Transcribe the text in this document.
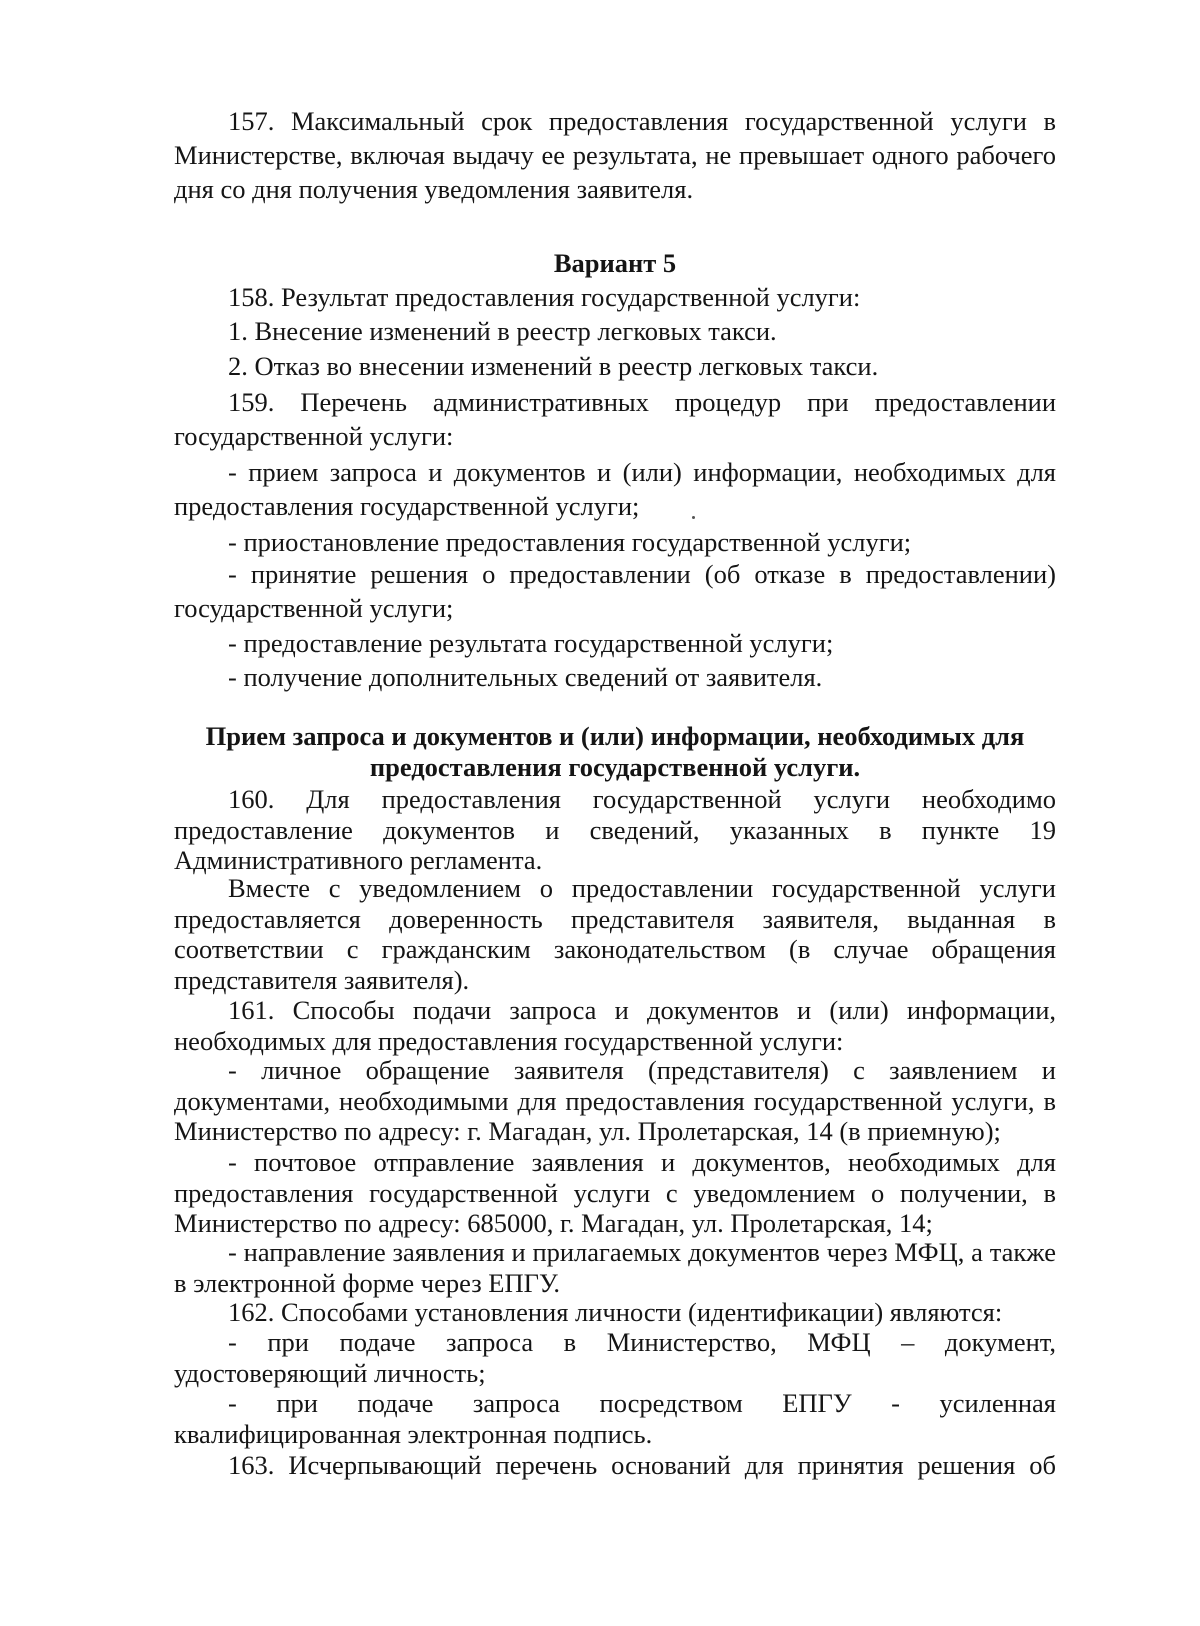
157. Максимальный срок предоставления государственной услуги в Министерстве, включая выдачу ее результата, не превышает одного рабочего дня со дня получения уведомления заявителя.

Вариант 5

158. Результат предоставления государственной услуги:

1. Внесение изменений в реестр легковых такси.

2. Отказ во внесении изменений в реестр легковых такси.

159. Перечень административных процедур при предоставлении государственной услуги:

- прием запроса и документов и (или) информации, необходимых для предоставления государственной услуги;

- приостановление предоставления государственной услуги;

- принятие решения о предоставлении (об отказе в предоставлении) государственной услуги;

- предоставление результата государственной услуги;

- получение дополнительных сведений от заявителя.

Прием запроса и документов и (или) информации, необходимых для предоставления государственной услуги.

160. Для предоставления государственной услуги необходимо предоставление документов и сведений, указанных в пункте 19 Административного регламента.

Вместе с уведомлением о предоставлении государственной услуги предоставляется доверенность представителя заявителя, выданная в соответствии с гражданским законодательством (в случае обращения представителя заявителя).

161. Способы подачи запроса и документов и (или) информации, необходимых для предоставления государственной услуги:

- личное обращение заявителя (представителя) с заявлением и документами, необходимыми для предоставления государственной услуги, в Министерство по адресу: г. Магадан, ул. Пролетарская, 14 (в приемную);

- почтовое отправление заявления и документов, необходимых для предоставления государственной услуги с уведомлением о получении, в Министерство по адресу: 685000, г. Магадан, ул. Пролетарская, 14;

- направление заявления и прилагаемых документов через МФЦ, а также в электронной форме через ЕПГУ.

162. Способами установления личности (идентификации) являются:

- при подаче запроса в Министерство, МФЦ – документ, удостоверяющий личность;

- при подаче запроса посредством ЕПГУ - усиленная квалифицированная электронная подпись.

163. Исчерпывающий перечень оснований для принятия решения об
